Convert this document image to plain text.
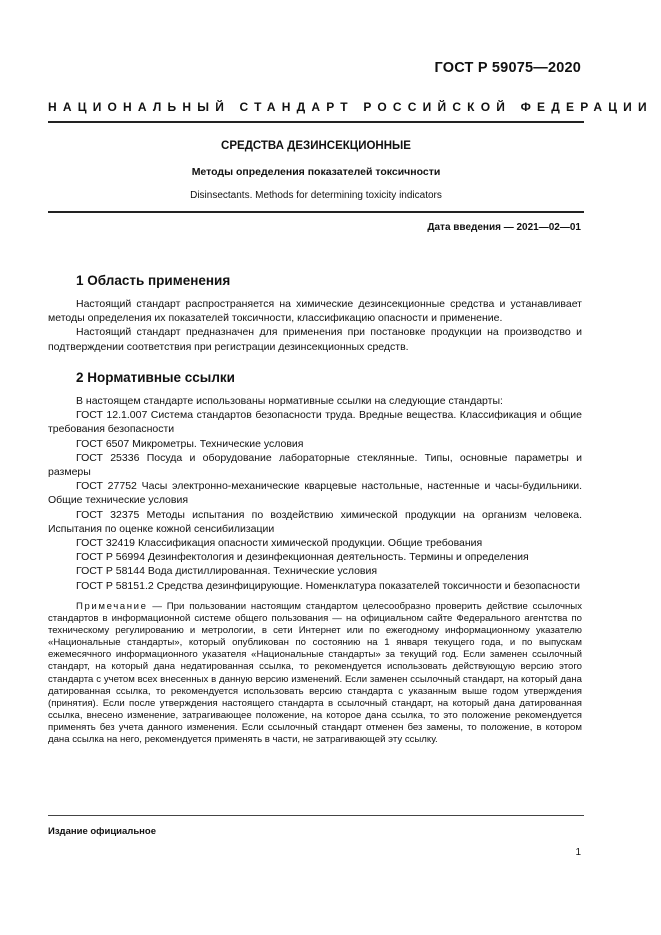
ГОСТ Р 59075—2020
НАЦИОНАЛЬНЫЙ СТАНДАРТ РОССИЙСКОЙ ФЕДЕРАЦИИ
СРЕДСТВА ДЕЗИНСЕКЦИОННЫЕ
Методы определения показателей токсичности
Disinsectants. Methods for determining toxicity indicators
Дата введения — 2021—02—01
1 Область применения

Настоящий стандарт распространяется на химические дезинсекционные средства и устанавливает методы определения их показателей токсичности, классификацию опасности и применение.

Настоящий стандарт предназначен для применения при постановке продукции на производство и подтверждении соответствия при регистрации дезинсекционных средств.

2 Нормативные ссылки

В настоящем стандарте использованы нормативные ссылки на следующие стандарты:

ГОСТ 12.1.007 Система стандартов безопасности труда. Вредные вещества. Классификация и общие требования безопасности

ГОСТ 6507 Микрометры. Технические условия

ГОСТ 25336 Посуда и оборудование лабораторные стеклянные. Типы, основные параметры и размеры

ГОСТ 27752 Часы электронно-механические кварцевые настольные, настенные и часы-будильники. Общие технические условия

ГОСТ 32375 Методы испытания по воздействию химической продукции на организм человека. Испытания по оценке кожной сенсибилизации

ГОСТ 32419 Классификация опасности химической продукции. Общие требования

ГОСТ Р 56994 Дезинфектология и дезинфекционная деятельность. Термины и определения

ГОСТ Р 58144 Вода дистиллированная. Технические условия

ГОСТ Р 58151.2 Средства дезинфицирующие. Номенклатура показателей токсичности и безопасности

Примечание — При пользовании настоящим стандартом целесообразно проверить действие ссылочных стандартов в информационной системе общего пользования — на официальном сайте Федерального агентства по техническому регулированию и метрологии, в сети Интернет или по ежегодному информационному указателю «Национальные стандарты», который опубликован по состоянию на 1 января текущего года, и по выпускам ежемесячного информационного указателя «Национальные стандарты» за текущий год. Если заменен ссылочный стандарт, на который дана недатированная ссылка, то рекомендуется использовать действующую версию этого стандарта с учетом всех внесенных в данную версию изменений. Если заменен ссылочный стандарт, на который дана датированная ссылка, то рекомендуется использовать версию стандарта с указанным выше годом утверждения (принятия). Если после утверждения настоящего стандарта в ссылочный стандарт, на который дана датированная ссылка, внесено изменение, затрагивающее положение, на которое дана ссылка, то это положение рекомендуется применять без учета данного изменения. Если ссылочный стандарт отменен без замены, то положение, в котором дана ссылка на него, рекомендуется применять в части, не затрагивающей эту ссылку.
Издание официальное
1
